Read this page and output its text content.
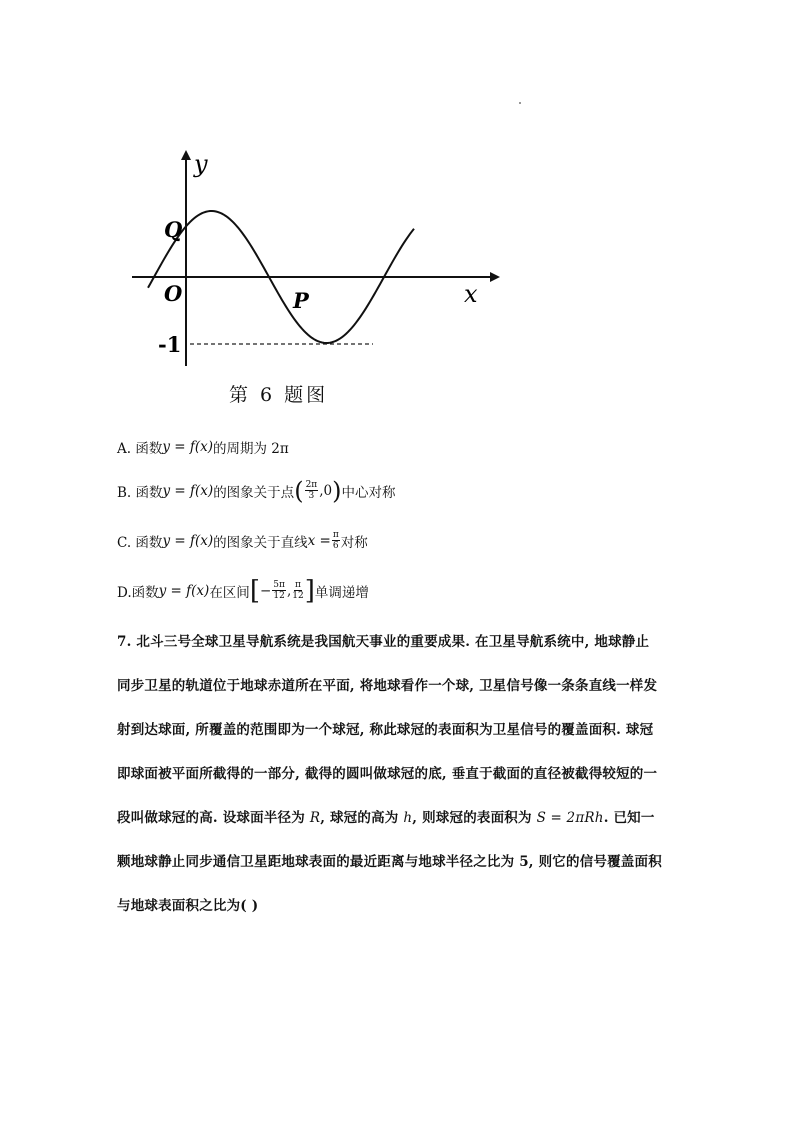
y
x
Q
O	P
-1
第 6 题图
A. 函数 y = f(x) 的周期为 2π
B. 函数 y = f(x) 的图象关于点 ( $\frac{2\pi}{3} ,0$ ) 中心对称
C. 函数 y = f(x) 的图象关于直线 $x = \frac{\pi}{6}$ 对称
D.函数 y = f(x) 在区间 [ − $\frac{5\pi}{12}$ , $\frac{\pi}{12}$ ] 单调递增
7. 北斗三号全球卫星导航系统是我国航天事业的重要成果. 在卫星导航系统中, 地球静止
同步卫星的轨道位于地球赤道所在平面, 将地球看作一个球, 卫星信号像一条条直线一样发
射到达球面, 所覆盖的范围即为一个球冠, 称此球冠的表面积为卫星信号的覆盖面积. 球冠
即球面被平面所截得的一部分, 截得的圆叫做球冠的底, 垂直于截面的直径被截得较短的一
段叫做球冠的高. 设球面半径为 R, 球冠的高为 h, 则球冠的表面积为 S = 2πRh. 已知一
颗地球静止同步通信卫星距地球表面的最近距离与地球半径之比为 5, 则它的信号覆盖面积
与地球表面积之比为( )
